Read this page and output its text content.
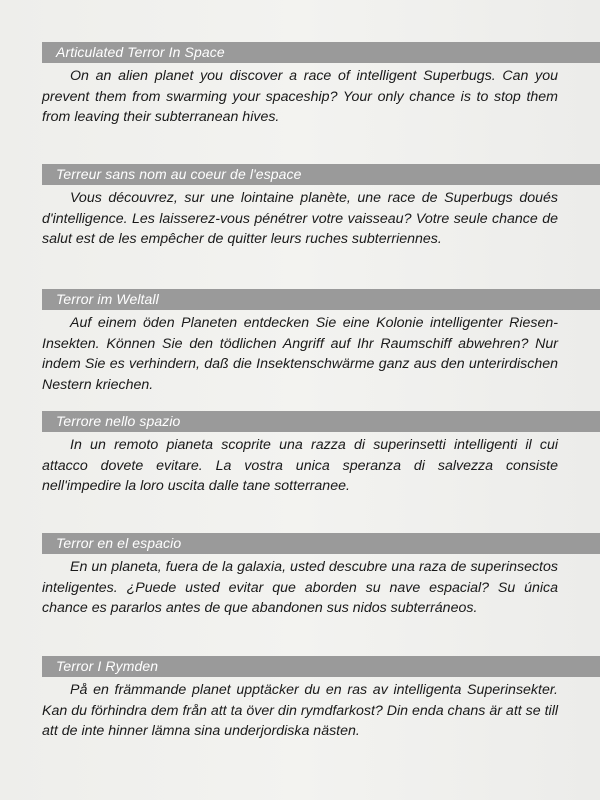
Articulated Terror In Space

On an alien planet you discover a race of intelligent Superbugs. Can you prevent them from swarming your spaceship? Your only chance is to stop them from leaving their subterranean hives.

Terreur sans nom au coeur de l'espace

Vous découvrez, sur une lointaine planète, une race de Superbugs doués d'intelligence. Les laisserez-vous pénétrer votre vaisseau? Votre seule chance de salut est de les empêcher de quitter leurs ruches subterriennes.

Terror im Weltall

Auf einem öden Planeten entdecken Sie eine Kolonie intelligenter Riesen-Insekten. Können Sie den tödlichen Angriff auf Ihr Raumschiff abwehren? Nur indem Sie es verhindern, daß die Insektenschwärme ganz aus den unterirdischen Nestern kriechen.

Terrore nello spazio

In un remoto pianeta scoprite una razza di superinsetti intelligenti il cui attacco dovete evitare. La vostra unica speranza di salvezza consiste nell'impedire la loro uscita dalle tane sotterranee.

Terror en el espacio

En un planeta, fuera de la galaxia, usted descubre una raza de superinsectos inteligentes. ¿Puede usted evitar que aborden su nave espacial? Su única chance es pararlos antes de que abandonen sus nidos subterráneos.

Terror I Rymden

På en främmande planet upptäcker du en ras av intelligenta Superinsekter. Kan du förhindra dem från att ta över din rymdfarkost? Din enda chans är att se till att de inte hinner lämna sina underjordiska nästen.
